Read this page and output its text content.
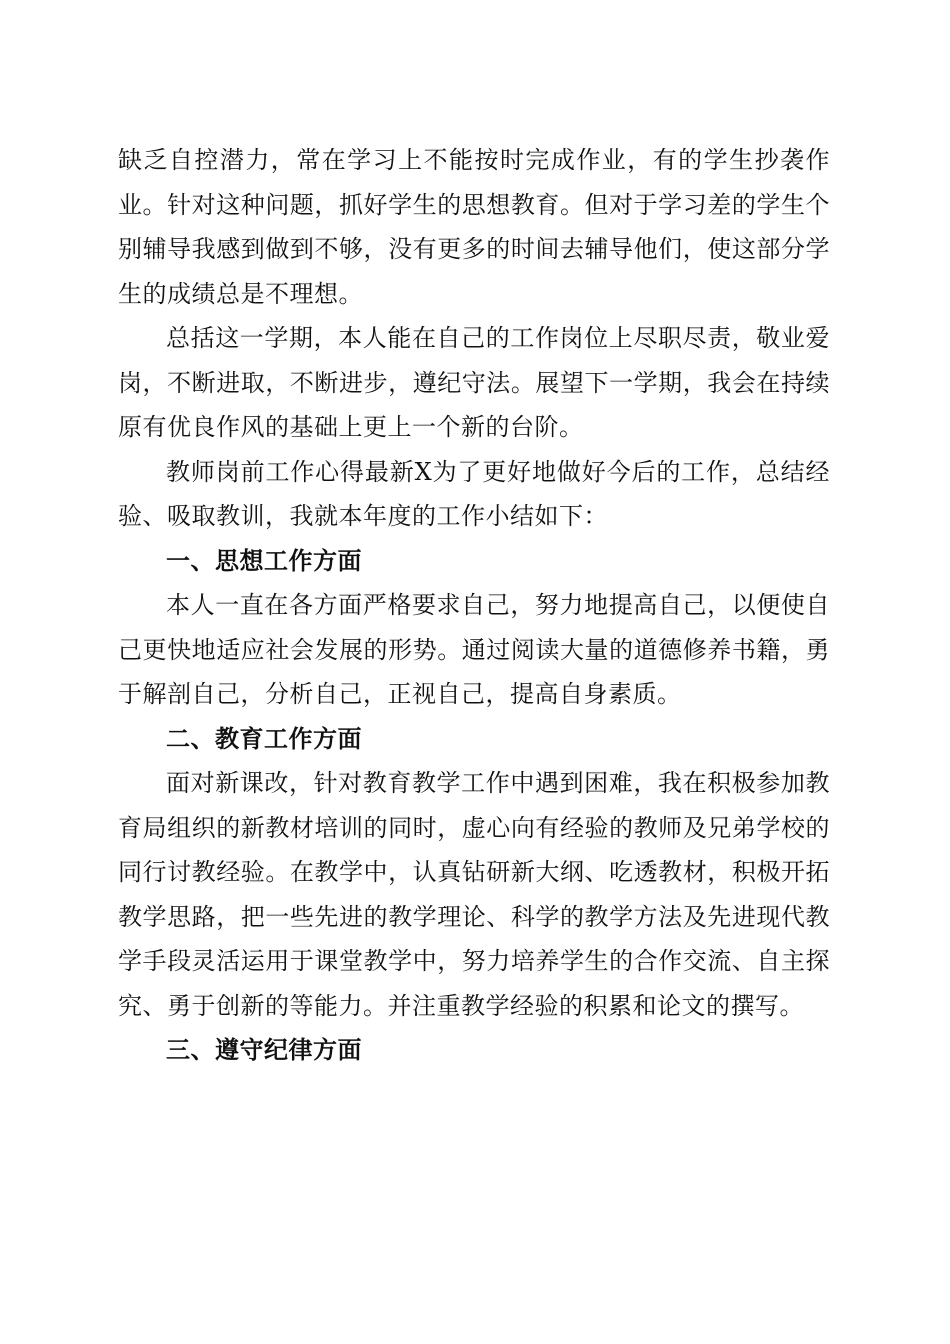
缺乏自控潜力，常在学习上不能按时完成作业，有的学生抄袭作业。针对这种问题，抓好学生的思想教育。但对于学习差的学生个别辅导我感到做到不够，没有更多的时间去辅导他们，使这部分学生的成绩总是不理想。

总括这一学期，本人能在自己的工作岗位上尽职尽责，敬业爱岗，不断进取，不断进步，遵纪守法。展望下一学期，我会在持续原有优良作风的基础上更上一个新的台阶。

教师岗前工作心得最新X为了更好地做好今后的工作，总结经验、吸取教训，我就本年度的工作小结如下：

一、思想工作方面

本人一直在各方面严格要求自己，努力地提高自己，以便使自己更快地适应社会发展的形势。通过阅读大量的道德修养书籍，勇于解剖自己，分析自己，正视自己，提高自身素质。

二、教育工作方面

面对新课改，针对教育教学工作中遇到困难，我在积极参加教育局组织的新教材培训的同时，虚心向有经验的教师及兄弟学校的同行讨教经验。在教学中，认真钻研新大纲、吃透教材，积极开拓教学思路，把一些先进的教学理论、科学的教学方法及先进现代教学手段灵活运用于课堂教学中，努力培养学生的合作交流、自主探究、勇于创新的等能力。并注重教学经验的积累和论文的撰写。

三、遵守纪律方面
